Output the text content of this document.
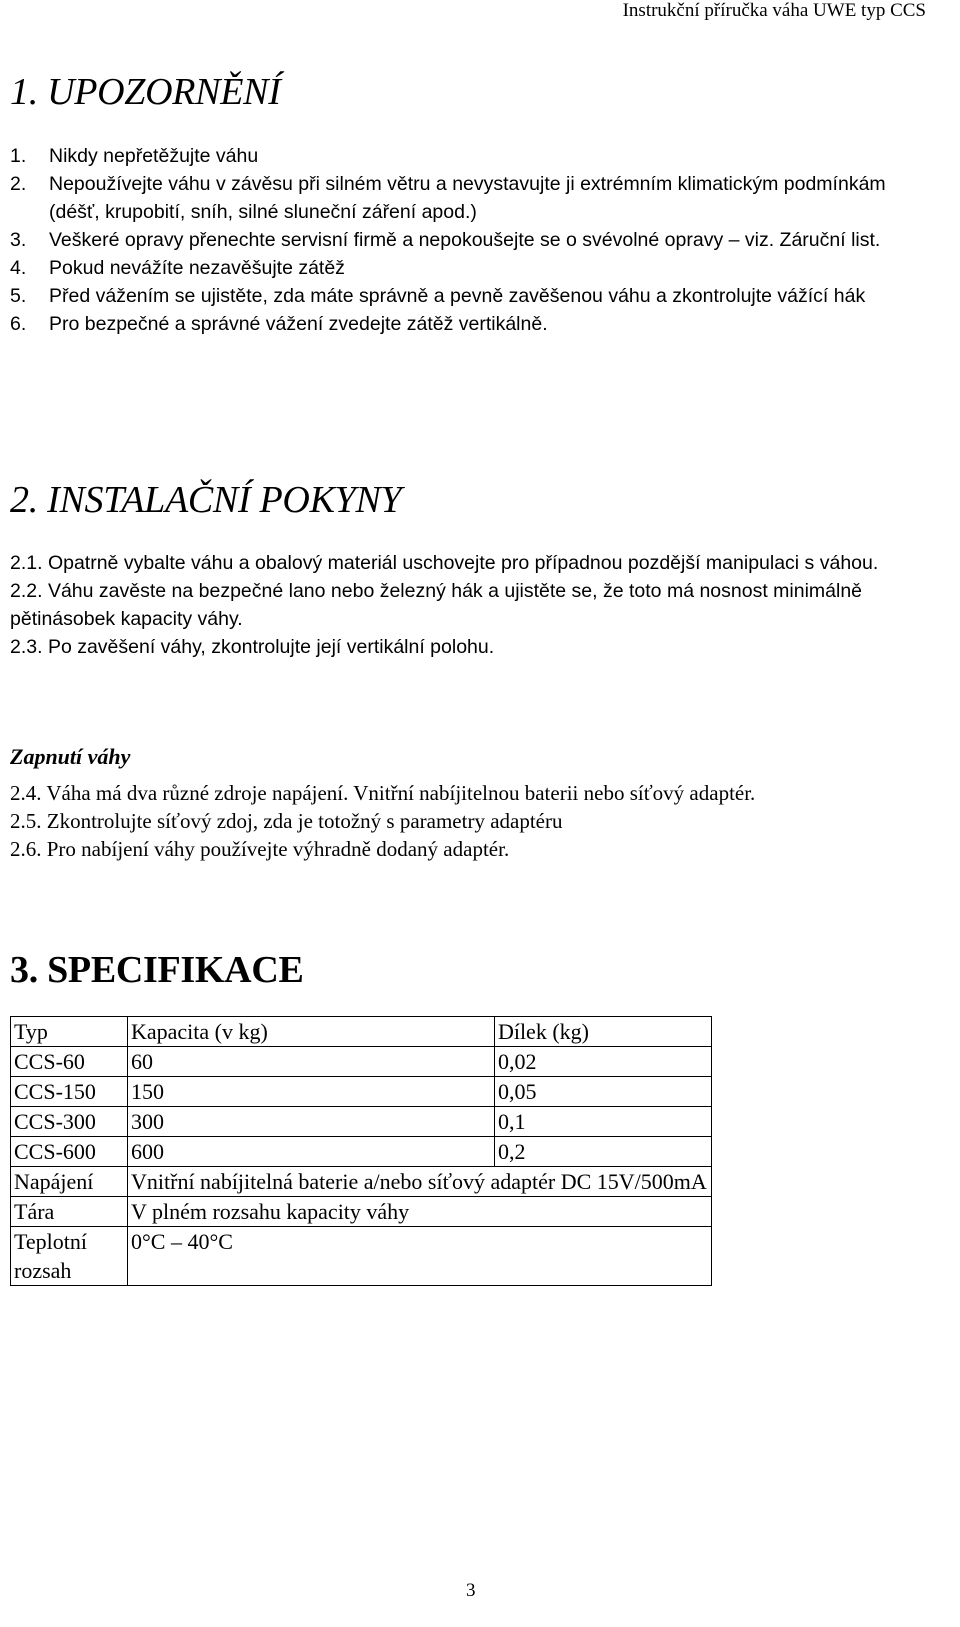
Instrukční příručka váha UWE typ CCS
1. UPOZORNĚNÍ
1. Nikdy nepřetěžujte váhu
2. Nepoužívejte váhu v závěsu při silném větru a nevystavujte ji extrémním klimatickým podmínkám (déšť, krupobití, sníh, silné sluneční záření apod.)
3. Veškeré opravy přenechte servisní firmě a nepokoušejte se o svévolné opravy – viz. Záruční list.
4. Pokud nevážíte nezavěšujte zátěž
5. Před vážením se ujistěte, zda máte správně a pevně zavěšenou váhu a zkontrolujte vážící hák
6. Pro bezpečné a správné vážení zvedejte zátěž vertikálně.
2. INSTALAČNÍ POKYNY
2.1. Opatrně vybalte váhu a obalový materiál uschovejte pro případnou pozdější manipulaci s váhou.
2.2. Váhu zavěste na bezpečné lano nebo železný hák a ujistěte se, že toto má nosnost minimálně pětinásobek kapacity váhy.
2.3. Po zavěšení váhy, zkontrolujte její vertikální polohu.
Zapnutí váhy
2.4. Váha má dva různé zdroje napájení. Vnitřní nabíjitelnou baterii nebo síťový adaptér.
2.5. Zkontrolujte síťový zdoj, zda je totožný s parametry adaptéru
2.6. Pro nabíjení váhy používejte výhradně dodaný adaptér.
3. SPECIFIKACE
Typ	Kapacita (v kg)	Dílek (kg)
CCS-60	60	0,02
CCS-150	150	0,05
CCS-300	300	0,1
CCS-600	600	0,2
Napájení	Vnitřní nabíjitelná baterie a/nebo síťový adaptér DC 15V/500mA	
Tára	V plném rozsahu kapacity váhy	
Teplotní rozsah	0°C – 40°C	
3
